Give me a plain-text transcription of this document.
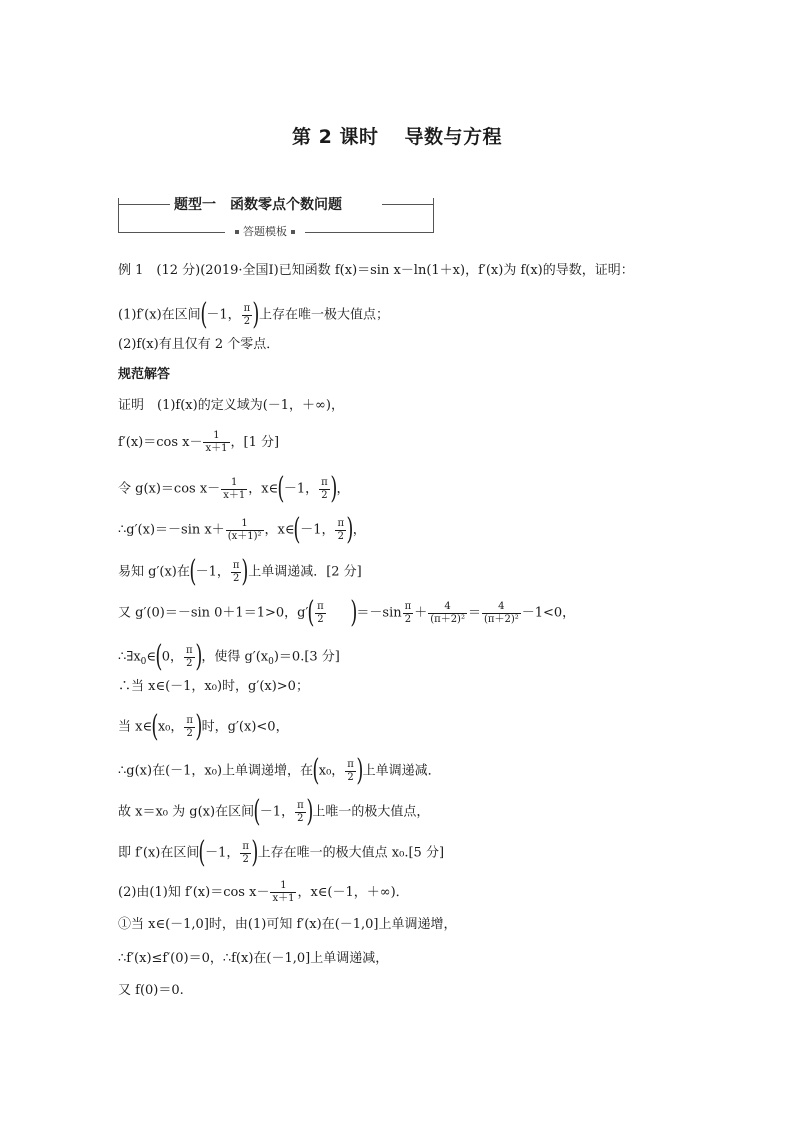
第 2 课时 导数与方程
题型一 函数零点个数问题
答题模板
例 1　(12 分)(2019·全国Ⅰ)已知函数 f(x)＝sin x－ln(1＋x)，f′(x)为 f(x)的导数，证明：
(1)f′(x)在区间(－1， $\frac{\pi}{2}$ )上存在唯一极大值点；
(2)f(x)有且仅有 2 个零点．
规范解答
证明　(1)f(x)的定义域为(－1，＋∞)，
f′(x)＝cos $x- \frac{1}{x+1}$ ，[1 分]
令 g(x)＝cos $x- \frac{1}{x+1}$ ，x∈(－1， $\frac{\pi}{2}$ )，
∴g′(x)＝－sin $x+ \frac{1}{\text{(x＋1)²}}$ ，x∈(－1， $\frac{\pi}{2}$ )，
易知 g′(x)在(－1， $\frac{\pi}{2}$ )上单调递减．[2 分]
又 g′(0)＝－sin 0＋1＝1>0，$g'( \frac{\pi}{2} )=-\sin \frac{\pi}{2} + \frac{4}{\text{(π＋2)²}} = \frac{4}{\text{(π＋2)²}} -1<0$，
$\therefore\exists x_0\in(0$， $\frac{\pi}{2}$ )，使得 $g'(x_0)=0.[3$ 分]
∴当 x∈(－1，x₀)时，g′(x)>0；
当 x∈(x₀， $\frac{\pi}{2}$ )时，g′(x)<0，
∴g(x)在(－1，x₀)上单调递增，在(x₀， $\frac{\pi}{2}$ )上单调递减．
故 x＝x₀ 为 g(x)在区间(－1， $\frac{\pi}{2}$ )上唯一的极大值点，
即 f′(x)在区间(－1， $\frac{\pi}{2}$ )上存在唯一的极大值点 x₀.[5 分]
(2)由(1)知 f′(x)＝cos $x- \frac{1}{x+1}$ ，x∈(－1，＋∞)．
①当 x∈(－1,0]时，由(1)可知 f′(x)在(－1,0]上单调递增，
∴f′(x)≤f′(0)＝0，∴f(x)在(－1,0]上单调递减，
又 f(0)＝0.
